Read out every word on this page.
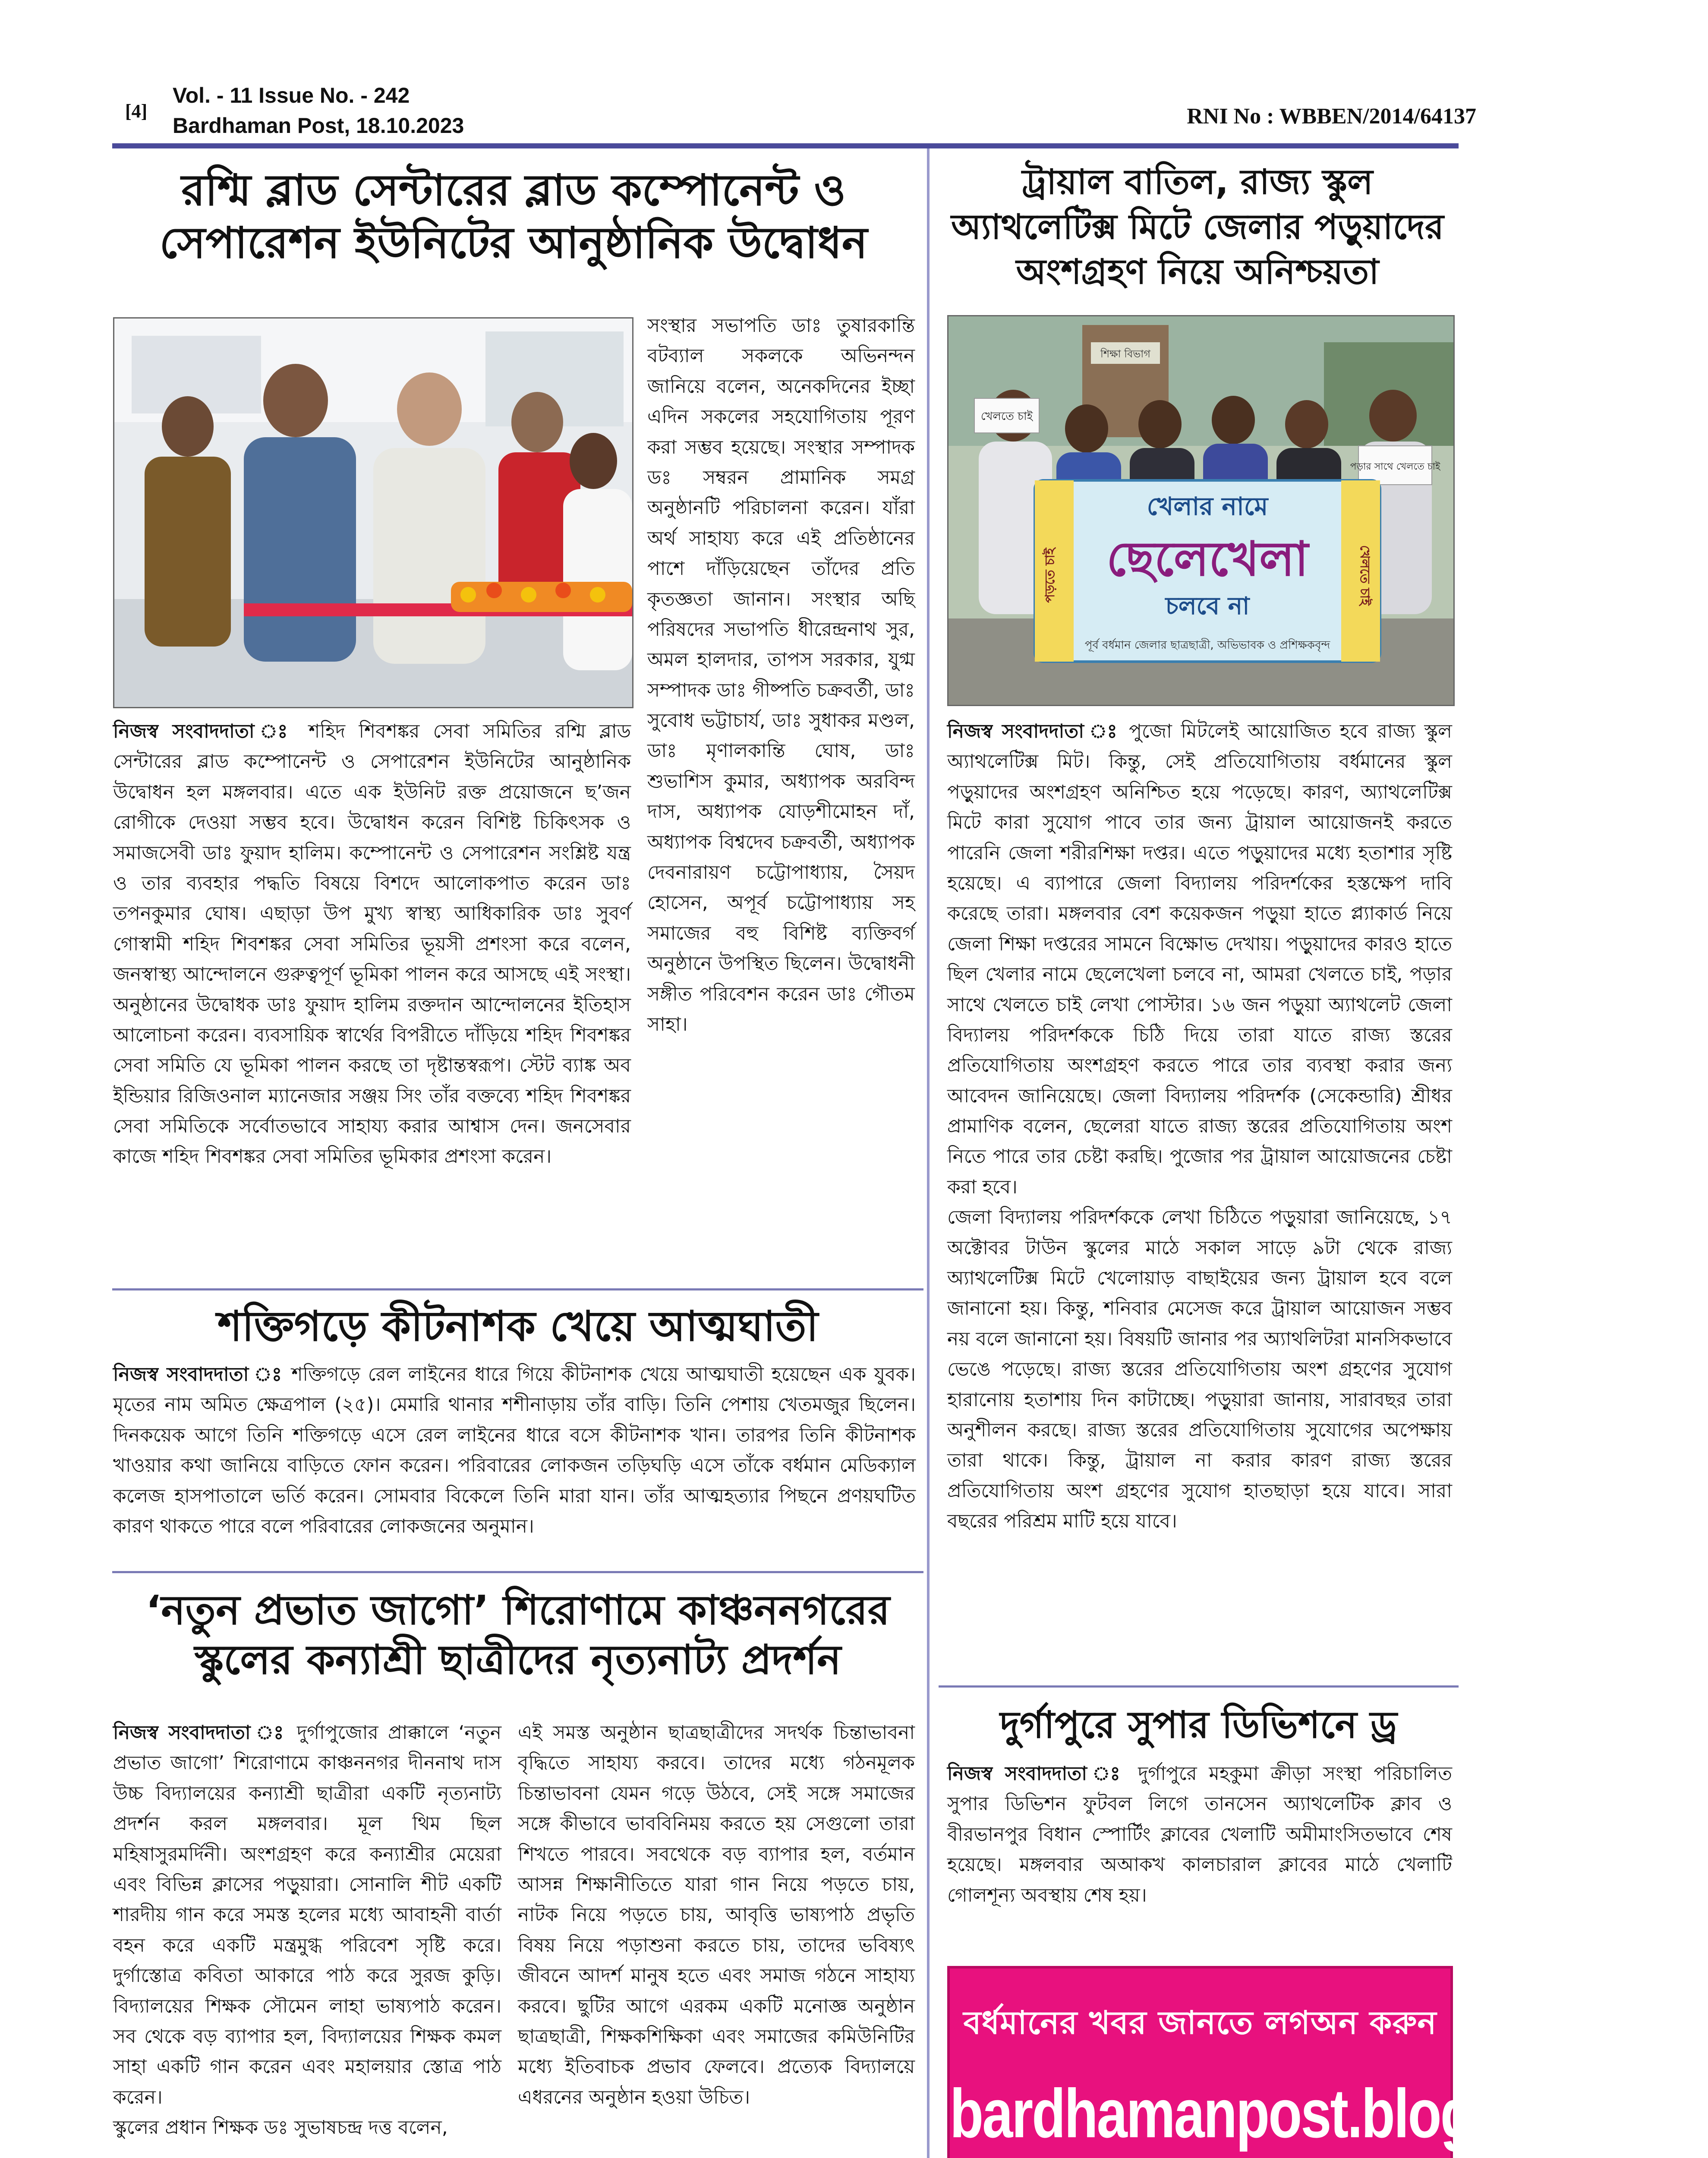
[4]
Vol. - 11 Issue No. - 242
Bardhaman Post, 18.10.2023	RNI No : WBBEN/2014/64137
রশ্মি ব্লাড সেন্টারের ব্লাড কম্পোনেন্ট ও
সেপারেশন ইউনিটের আনুষ্ঠানিক উদ্বোধন

নিজস্ব সংবাদদাতা ঃ শহিদ শিবশঙ্কর সেবা সমিতির রশ্মি ব্লাড সেন্টারের ব্লাড কম্পোনেন্ট ও সেপারেশন ইউনিটের আনুষ্ঠানিক উদ্বোধন হল মঙ্গলবার। এতে এক ইউনিট রক্ত প্রয়োজনে ছ’জন রোগীকে দেওয়া সম্ভব হবে। উদ্বোধন করেন বিশিষ্ট চিকিৎসক ও সমাজসেবী ডাঃ ফুয়াদ হালিম। কম্পোনেন্ট ও সেপারেশন সংশ্লিষ্ট যন্ত্র ও তার ব্যবহার পদ্ধতি বিষয়ে বিশদে আলোকপাত করেন ডাঃ তপনকুমার ঘোষ। এছাড়া উপ মুখ্য স্বাস্থ্য আধিকারিক ডাঃ সুবর্ণ গোস্বামী শহিদ শিবশঙ্কর সেবা সমিতির ভূয়সী প্রশংসা করে বলেন, জনস্বাস্থ্য আন্দোলনে গুরুত্বপূর্ণ ভূমিকা পালন করে আসছে এই সংস্থা। অনুষ্ঠানের উদ্বোধক ডাঃ ফুয়াদ হালিম রক্তদান আন্দোলনের ইতিহাস আলোচনা করেন। ব্যবসায়িক স্বার্থের বিপরীতে দাঁড়িয়ে শহিদ শিবশঙ্কর সেবা সমিতি যে ভূমিকা পালন করছে তা দৃষ্টান্তস্বরূপ। স্টেট ব্যাঙ্ক অব ইন্ডিয়ার রিজিওনাল ম্যানেজার সঞ্জয় সিং তাঁর বক্তব্যে শহিদ শিবশঙ্কর সেবা সমিতিকে সর্বোতভাবে সাহায্য করার আশ্বাস দেন। জনসেবার কাজে শহিদ শিবশঙ্কর সেবা সমিতির ভূমিকার প্রশংসা করেন।

সংস্থার সভাপতি ডাঃ তুষারকান্তি বটব্যাল সকলকে অভিনন্দন জানিয়ে বলেন, অনেকদিনের ইচ্ছা এদিন সকলের সহযোগিতায় পূরণ করা সম্ভব হয়েছে। সংস্থার সম্পাদক ডঃ সম্বরন প্রামানিক সমগ্র অনুষ্ঠানটি পরিচালনা করেন। যাঁরা অর্থ সাহায্য করে এই প্রতিষ্ঠানের পাশে দাঁড়িয়েছেন তাঁদের প্রতি কৃতজ্ঞতা জানান। সংস্থার অছি পরিষদের সভাপতি ধীরেন্দ্রনাথ সুর, অমল হালদার, তাপস সরকার, যুগ্ম সম্পাদক ডাঃ গীষ্পতি চক্রবর্তী, ডাঃ সুবোধ ভট্টাচার্য, ডাঃ সুধাকর মণ্ডল, ডাঃ মৃণালকান্তি ঘোষ, ডাঃ শুভাশিস কুমার, অধ্যাপক অরবিন্দ দাস, অধ্যাপক যোড়শীমোহন দাঁ, অধ্যাপক বিশ্বদেব চক্রবর্তী, অধ্যাপক দেবনারায়ণ চট্টোপাধ্যায়, সৈয়দ হোসেন, অপূর্ব চট্টোপাধ্যায় সহ সমাজের বহু বিশিষ্ট ব্যক্তিবর্গ অনুষ্ঠানে উপস্থিত ছিলেন। উদ্বোধনী সঙ্গীত পরিবেশন করেন ডাঃ গৌতম সাহা।

শক্তিগড়ে কীটনাশক খেয়ে আত্মঘাতী

নিজস্ব সংবাদদাতা ঃ শক্তিগড়ে রেল লাইনের ধারে গিয়ে কীটনাশক খেয়ে আত্মঘাতী হয়েছেন এক যুবক। মৃতের নাম অমিত ক্ষেত্রপাল (২৫)। মেমারি থানার শশীনাড়ায় তাঁর বাড়ি। তিনি পেশায় খেতমজুর ছিলেন। দিনকয়েক আগে তিনি শক্তিগড়ে এসে রেল লাইনের ধারে বসে কীটনাশক খান। তারপর তিনি কীটনাশক খাওয়ার কথা জানিয়ে বাড়িতে ফোন করেন। পরিবারের লোকজন তড়িঘড়ি এসে তাঁকে বর্ধমান মেডিক্যাল কলেজ হাসপাতালে ভর্তি করেন। সোমবার বিকেলে তিনি মারা যান। তাঁর আত্মহত্যার পিছনে প্রণয়ঘটিত কারণ থাকতে পারে বলে পরিবারের লোকজনের অনুমান।

‘নতুন প্রভাত জাগো’ শিরোণামে কাঞ্চননগরের
স্কুলের কন্যাশ্রী ছাত্রীদের নৃত্যনাট্য প্রদর্শন

নিজস্ব সংবাদদাতা ঃ দুর্গাপুজোর প্রাক্কালে ‘নতুন প্রভাত জাগো’ শিরোণামে কাঞ্চননগর দীননাথ দাস উচ্চ বিদ্যালয়ের কন্যাশ্রী ছাত্রীরা একটি নৃত্যনাট্য প্রদর্শন করল মঙ্গলবার। মূল থিম ছিল মহিষাসুরমর্দিনী। অংশগ্রহণ করে কন্যাশ্রীর মেয়েরা এবং বিভিন্ন ক্লাসের পড়ুয়ারা। সোনালি শীট একটি শারদীয় গান করে সমস্ত হলের মধ্যে আবাহনী বার্তা বহন করে একটি মন্ত্রমুগ্ধ পরিবেশ সৃষ্টি করে। দুর্গাস্তোত্র কবিতা আকারে পাঠ করে সুরজ কুড়ি। বিদ্যালয়ের শিক্ষক সৌমেন লাহা ভাষ্যপাঠ করেন। সব থেকে বড় ব্যাপার হল, বিদ্যালয়ের শিক্ষক কমল সাহা একটি গান করেন এবং মহালয়ার স্তোত্র পাঠ করেন।

স্কুলের প্রধান শিক্ষক ডঃ সুভাষচন্দ্র দত্ত বলেন,

এই সমস্ত অনুষ্ঠান ছাত্রছাত্রীদের সদর্থক চিন্তাভাবনা বৃদ্ধিতে সাহায্য করবে। তাদের মধ্যে গঠনমূলক চিন্তাভাবনা যেমন গড়ে উঠবে, সেই সঙ্গে সমাজের সঙ্গে কীভাবে ভাববিনিময় করতে হয় সেগুলো তারা শিখতে পারবে। সবথেকে বড় ব্যাপার হল, বর্তমান আসন্ন শিক্ষানীতিতে যারা গান নিয়ে পড়তে চায়, নাটক নিয়ে পড়তে চায়, আবৃত্তি ভাষ্যপাঠ প্রভৃতি বিষয় নিয়ে পড়াশুনা করতে চায়, তাদের ভবিষ্যৎ জীবনে আদর্শ মানুষ হতে এবং সমাজ গঠনে সাহায্য করবে। ছুটির আগে এরকম একটি মনোজ্ঞ অনুষ্ঠান ছাত্রছাত্রী, শিক্ষকশিক্ষিকা এবং সমাজের কমিউনিটির মধ্যে ইতিবাচক প্রভাব ফেলবে। প্রত্যেক বিদ্যালয়ে এধরনের অনুষ্ঠান হওয়া উচিত।

ট্রায়াল বাতিল, রাজ্য স্কুল
অ্যাথলেটিক্স মিটে জেলার পড়ুয়াদের
অংশগ্রহণ নিয়ে অনিশ্চয়তা
খেলতে চাই
পড়ার সাথে খেলতে চাই
শিক্ষা বিভাগ
খেলার নামে
ছেলেখেলা
চলবে না
পূর্ব বর্ধমান জেলার ছাত্রছাত্রী, অভিভাবক ও প্রশিক্ষকবৃন্দ
পড়তে চাই	খেলতে চাই

নিজস্ব সংবাদদাতা ঃ পুজো মিটলেই আয়োজিত হবে রাজ্য স্কুল অ্যাথলেটিক্স মিট। কিন্তু, সেই প্রতিযোগিতায় বর্ধমানের স্কুল পড়ুয়াদের অংশগ্রহণ অনিশ্চিত হয়ে পড়েছে। কারণ, অ্যাথলেটিক্স মিটে কারা সুযোগ পাবে তার জন্য ট্রায়াল আয়োজনই করতে পারেনি জেলা শরীরশিক্ষা দপ্তর। এতে পড়ুয়াদের মধ্যে হতাশার সৃষ্টি হয়েছে। এ ব্যাপারে জেলা বিদ্যালয় পরিদর্শকের হস্তক্ষেপ দাবি করেছে তারা। মঙ্গলবার বেশ কয়েকজন পড়ুয়া হাতে প্ল্যাকার্ড নিয়ে জেলা শিক্ষা দপ্তরের সামনে বিক্ষোভ দেখায়। পড়ুয়াদের কারও হাতে ছিল খেলার নামে ছেলেখেলা চলবে না, আমরা খেলতে চাই, পড়ার সাথে খেলতে চাই লেখা পোস্টার। ১৬ জন পড়ুয়া অ্যাথলেট জেলা বিদ্যালয় পরিদর্শককে চিঠি দিয়ে তারা যাতে রাজ্য স্তরের প্রতিযোগিতায় অংশগ্রহণ করতে পারে তার ব্যবস্থা করার জন্য আবেদন জানিয়েছে। জেলা বিদ্যালয় পরিদর্শক (সেকেন্ডারি) শ্রীধর প্রামাণিক বলেন, ছেলেরা যাতে রাজ্য স্তরের প্রতিযোগিতায় অংশ নিতে পারে তার চেষ্টা করছি। পুজোর পর ট্রায়াল আয়োজনের চেষ্টা করা হবে।

জেলা বিদ্যালয় পরিদর্শককে লেখা চিঠিতে পড়ুয়ারা জানিয়েছে, ১৭ অক্টোবর টাউন স্কুলের মাঠে সকাল সাড়ে ৯টা থেকে রাজ্য অ্যাথলেটিক্স মিটে খেলোয়াড় বাছাইয়ের জন্য ট্রায়াল হবে বলে জানানো হয়। কিন্তু, শনিবার মেসেজ করে ট্রায়াল আয়োজন সম্ভব নয় বলে জানানো হয়। বিষয়টি জানার পর অ্যাথলিটরা মানসিকভাবে ভেঙে পড়েছে। রাজ্য স্তরের প্রতিযোগিতায় অংশ গ্রহণের সুযোগ হারানোয় হতাশায় দিন কাটাচ্ছে। পড়ুয়ারা জানায়, সারাবছর তারা অনুশীলন করছে। রাজ্য স্তরের প্রতিযোগিতায় সুযোগের অপেক্ষায় তারা থাকে। কিন্তু, ট্রায়াল না করার কারণ রাজ্য স্তরের প্রতিযোগিতায় অংশ গ্রহণের সুযোগ হাতছাড়া হয়ে যাবে। সারা বছরের পরিশ্রম মাটি হয়ে যাবে।

দুর্গাপুরে সুপার ডিভিশনে ড্র

নিজস্ব সংবাদদাতা ঃ দুর্গাপুরে মহকুমা ক্রীড়া সংস্থা পরিচালিত সুপার ডিভিশন ফুটবল লিগে তানসেন অ্যাথলেটিক ক্লাব ও বীরভানপুর বিধান স্পোর্টিং ক্লাবের খেলাটি অমীমাংসিতভাবে শেষ হয়েছে। মঙ্গলবার অআকখ কালচারাল ক্লাবের মাঠে খেলাটি গোলশূন্য অবস্থায় শেষ হয়।

বর্ধমানের খবর জানতে লগঅন করুন
bardhamanpost.blogspot.com
